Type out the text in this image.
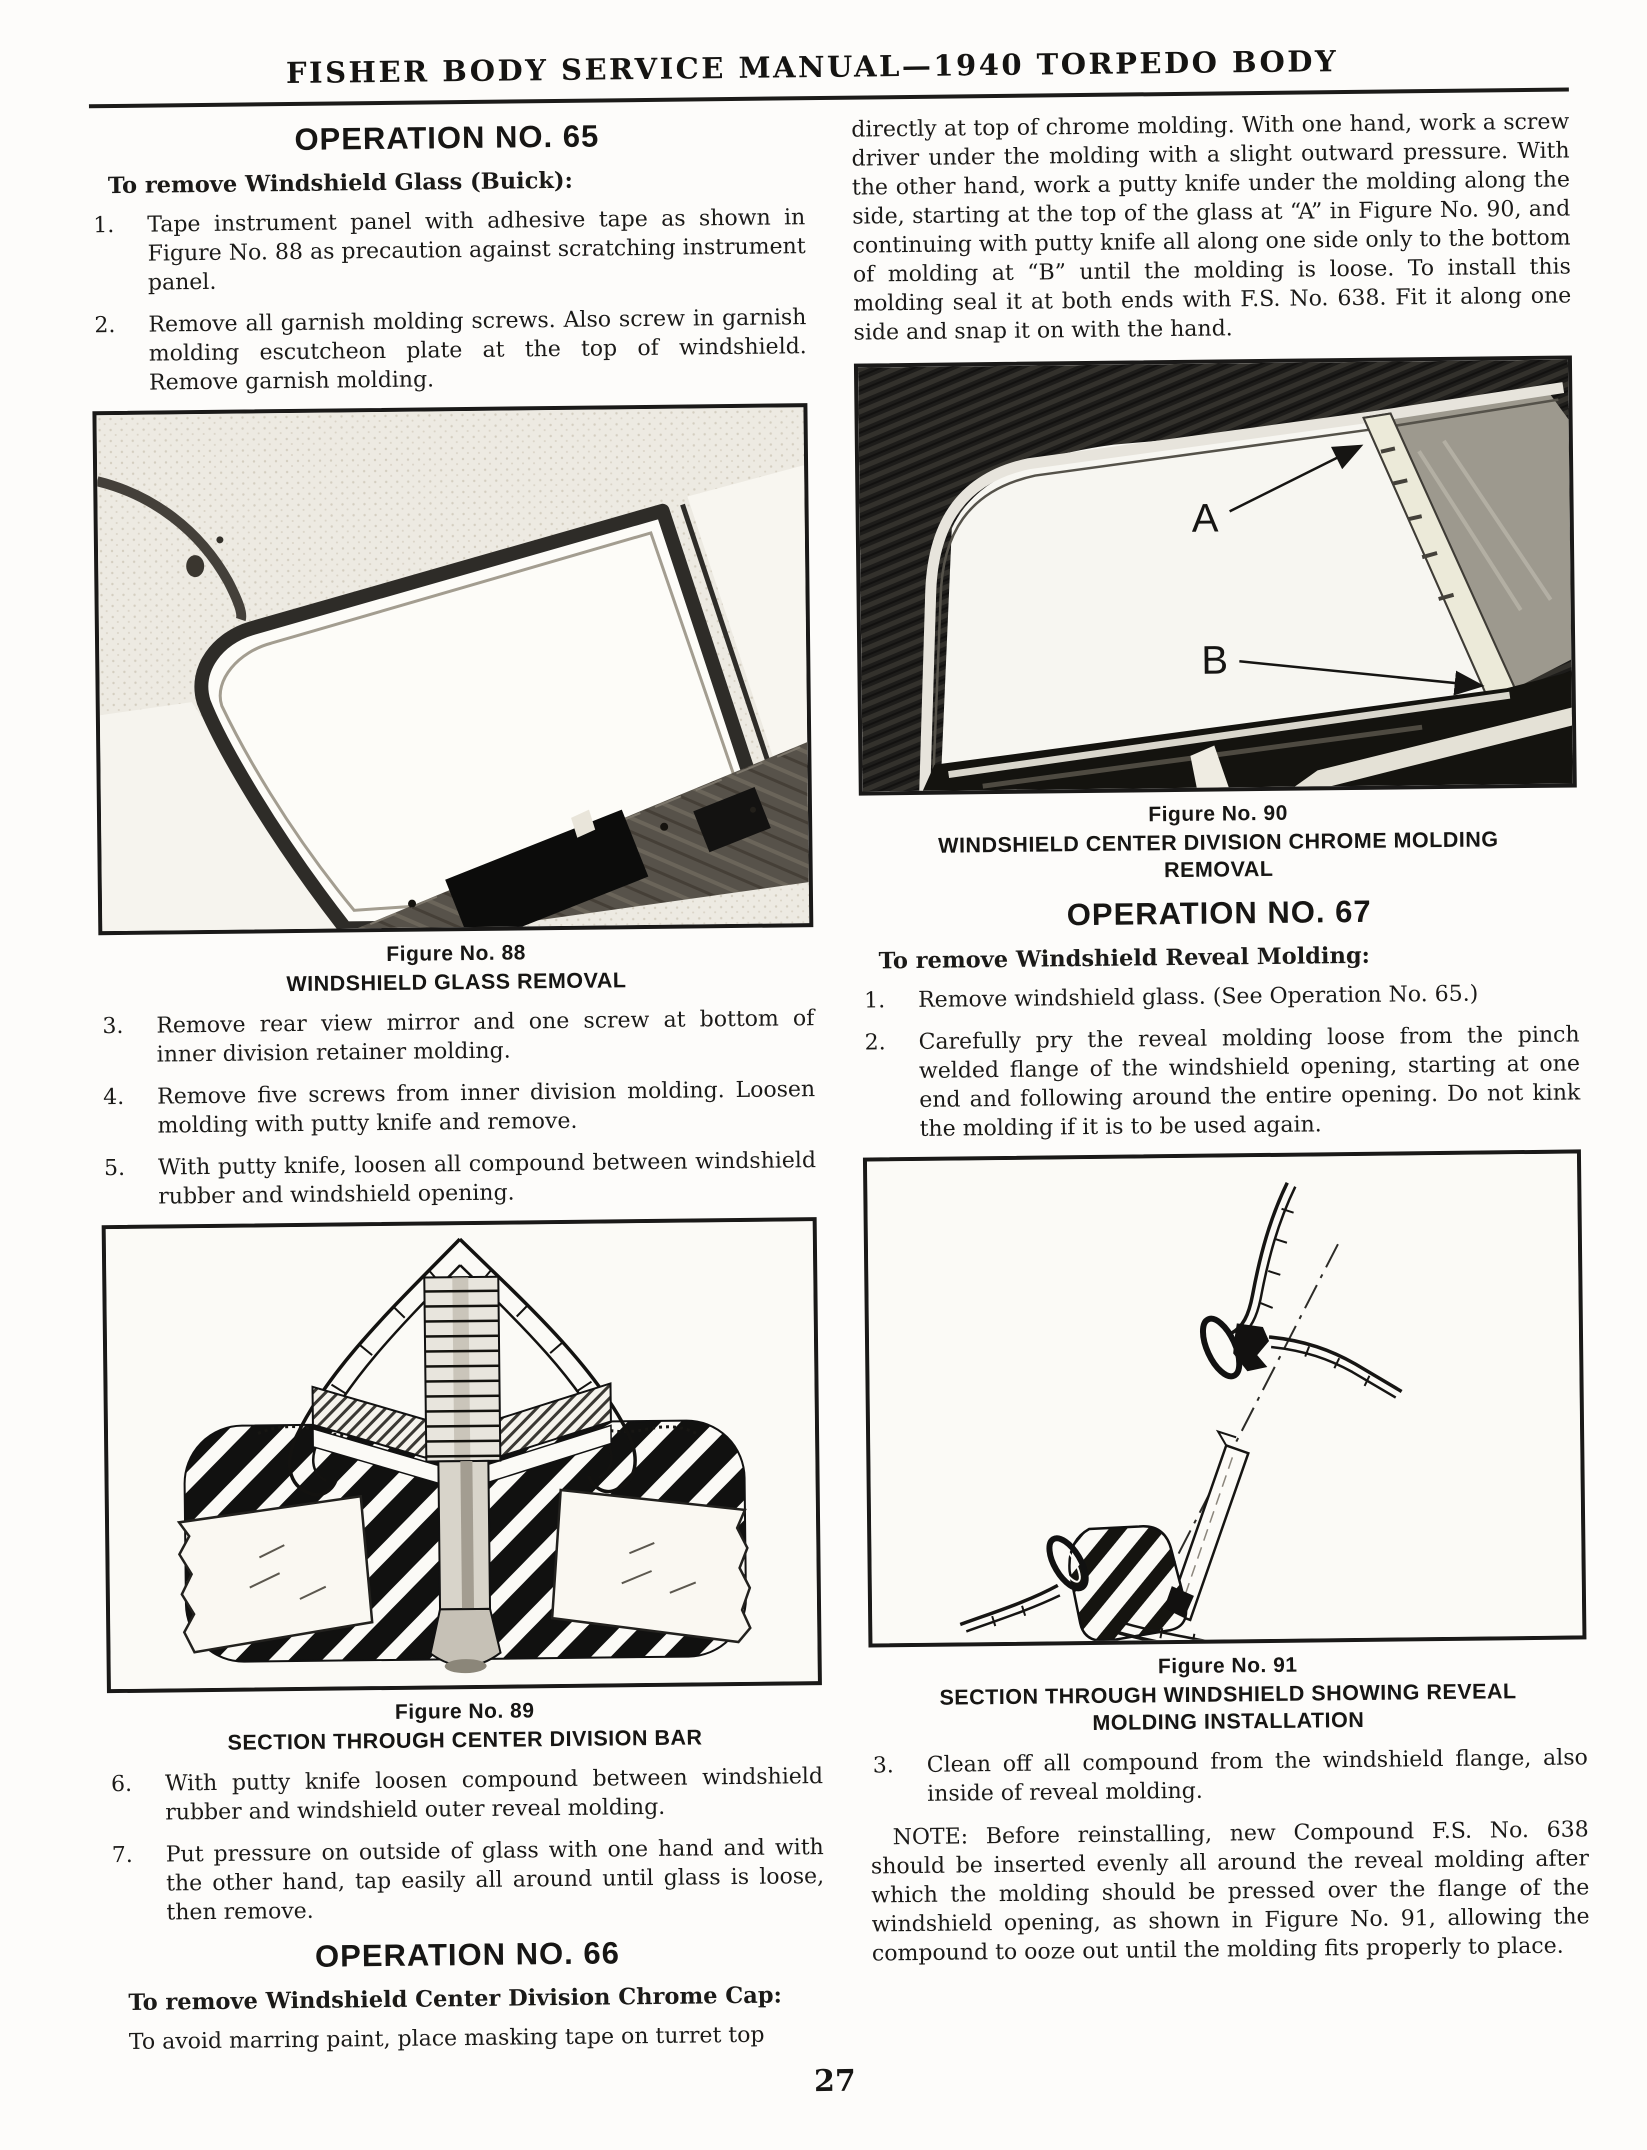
FISHER BODY SERVICE MANUAL—1940 TORPEDO BODY
OPERATION NO. 65

To remove Windshield Glass (Buick):

1.	Tape instrument panel with adhesive tape as shown in Figure No. 88 as precaution against scratching instrument panel.
2.	Remove all garnish molding screws. Also screw in garnish molding escutcheon plate at the top of windshield. Remove garnish molding.
Figure No. 88
WINDSHIELD GLASS REMOVAL
3.	Remove rear view mirror and one screw at bottom of inner division retainer molding.
4.	Remove five screws from inner division molding. Loosen molding with putty knife and remove.
5.	With putty knife, loosen all compound between windshield rubber and windshield opening.
Figure No. 89
SECTION THROUGH CENTER DIVISION BAR
6.	With putty knife loosen compound between windshield rubber and windshield outer reveal molding.
7.	Put pressure on outside of glass with one hand and with the other hand, tap easily all around until glass is loose, then remove.
OPERATION NO. 66

To remove Windshield Center Division Chrome Cap:

To avoid marring paint, place masking tape on turret top

directly at top of chrome molding. With one hand, work a screw driver under the molding with a slight outward pressure. With the other hand, work a putty knife under the molding along the side, starting at the top of the glass at “A” in Figure No. 90, and continuing with putty knife all along one side only to the bottom of molding at “B” until the molding is loose. To install this molding seal it at both ends with F.S. No. 638. Fit it along one side and snap it on with the hand.

A
B
Figure No. 90
WINDSHIELD CENTER DIVISION CHROME MOLDING REMOVAL
OPERATION NO. 67

To remove Windshield Reveal Molding:

1.	Remove windshield glass. (See Operation No. 65.)
2.	Carefully pry the reveal molding loose from the pinch welded flange of the windshield opening, starting at one end and following around the entire opening. Do not kink the molding if it is to be used again.
Figure No. 91
SECTION THROUGH WINDSHIELD SHOWING REVEAL MOLDING INSTALLATION
3.	Clean off all compound from the windshield flange, also inside of reveal molding.

NOTE: Before reinstalling, new Compound F.S. No. 638 should be inserted evenly all around the reveal molding after which the molding should be pressed over the flange of the windshield opening, as shown in Figure No. 91, allowing the compound to ooze out until the molding fits properly to place.

27
